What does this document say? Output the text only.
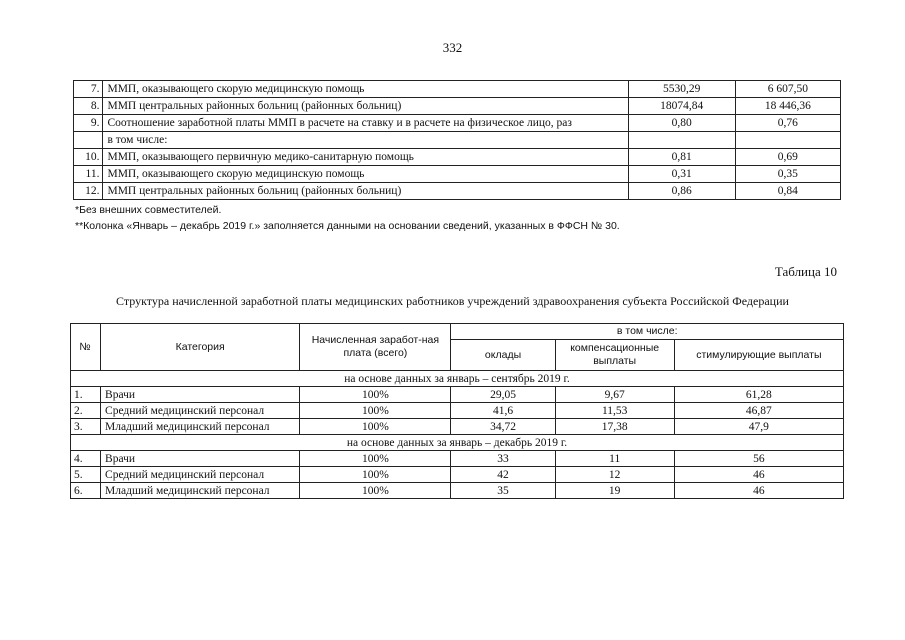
332
7.	ММП, оказывающего скорую медицинскую помощь	5530,29	6 607,50
8.	ММП центральных районных больниц (районных больниц)	18074,84	18 446,36
9.	Соотношение заработной платы ММП в расчете на ставку и в расчете на физическое лицо, раз	0,80	0,76
	в том числе:		
10.	ММП, оказывающего первичную медико-санитарную помощь	0,81	0,69
11.	ММП, оказывающего скорую медицинскую помощь	0,31	0,35
12.	ММП центральных районных больниц (районных больниц)	0,86	0,84
*Без внешних совместителей.
**Колонка «Январь – декабрь 2019 г.» заполняется данными на основании сведений, указанных в ФФСН № 30.
Таблица 10
Структура начисленной заработной платы медицинских работников учреждений здравоохранения субъекта Российской Федерации
№	Категория	Начисленная заработ-ная плата (всего)	в том числе:		
			оклады	компенсационные выплаты	стимулирующие выплаты
на основе данных за январь – сентябрь 2019 г.					
1.	Врачи	100%	29,05	9,67	61,28
2.	Средний медицинский персонал	100%	41,6	11,53	46,87
3.	Младший медицинский персонал	100%	34,72	17,38	47,9
на основе данных за январь – декабрь 2019 г.					
4.	Врачи	100%	33	11	56
5.	Средний медицинский персонал	100%	42	12	46
6.	Младший медицинский персонал	100%	35	19	46
